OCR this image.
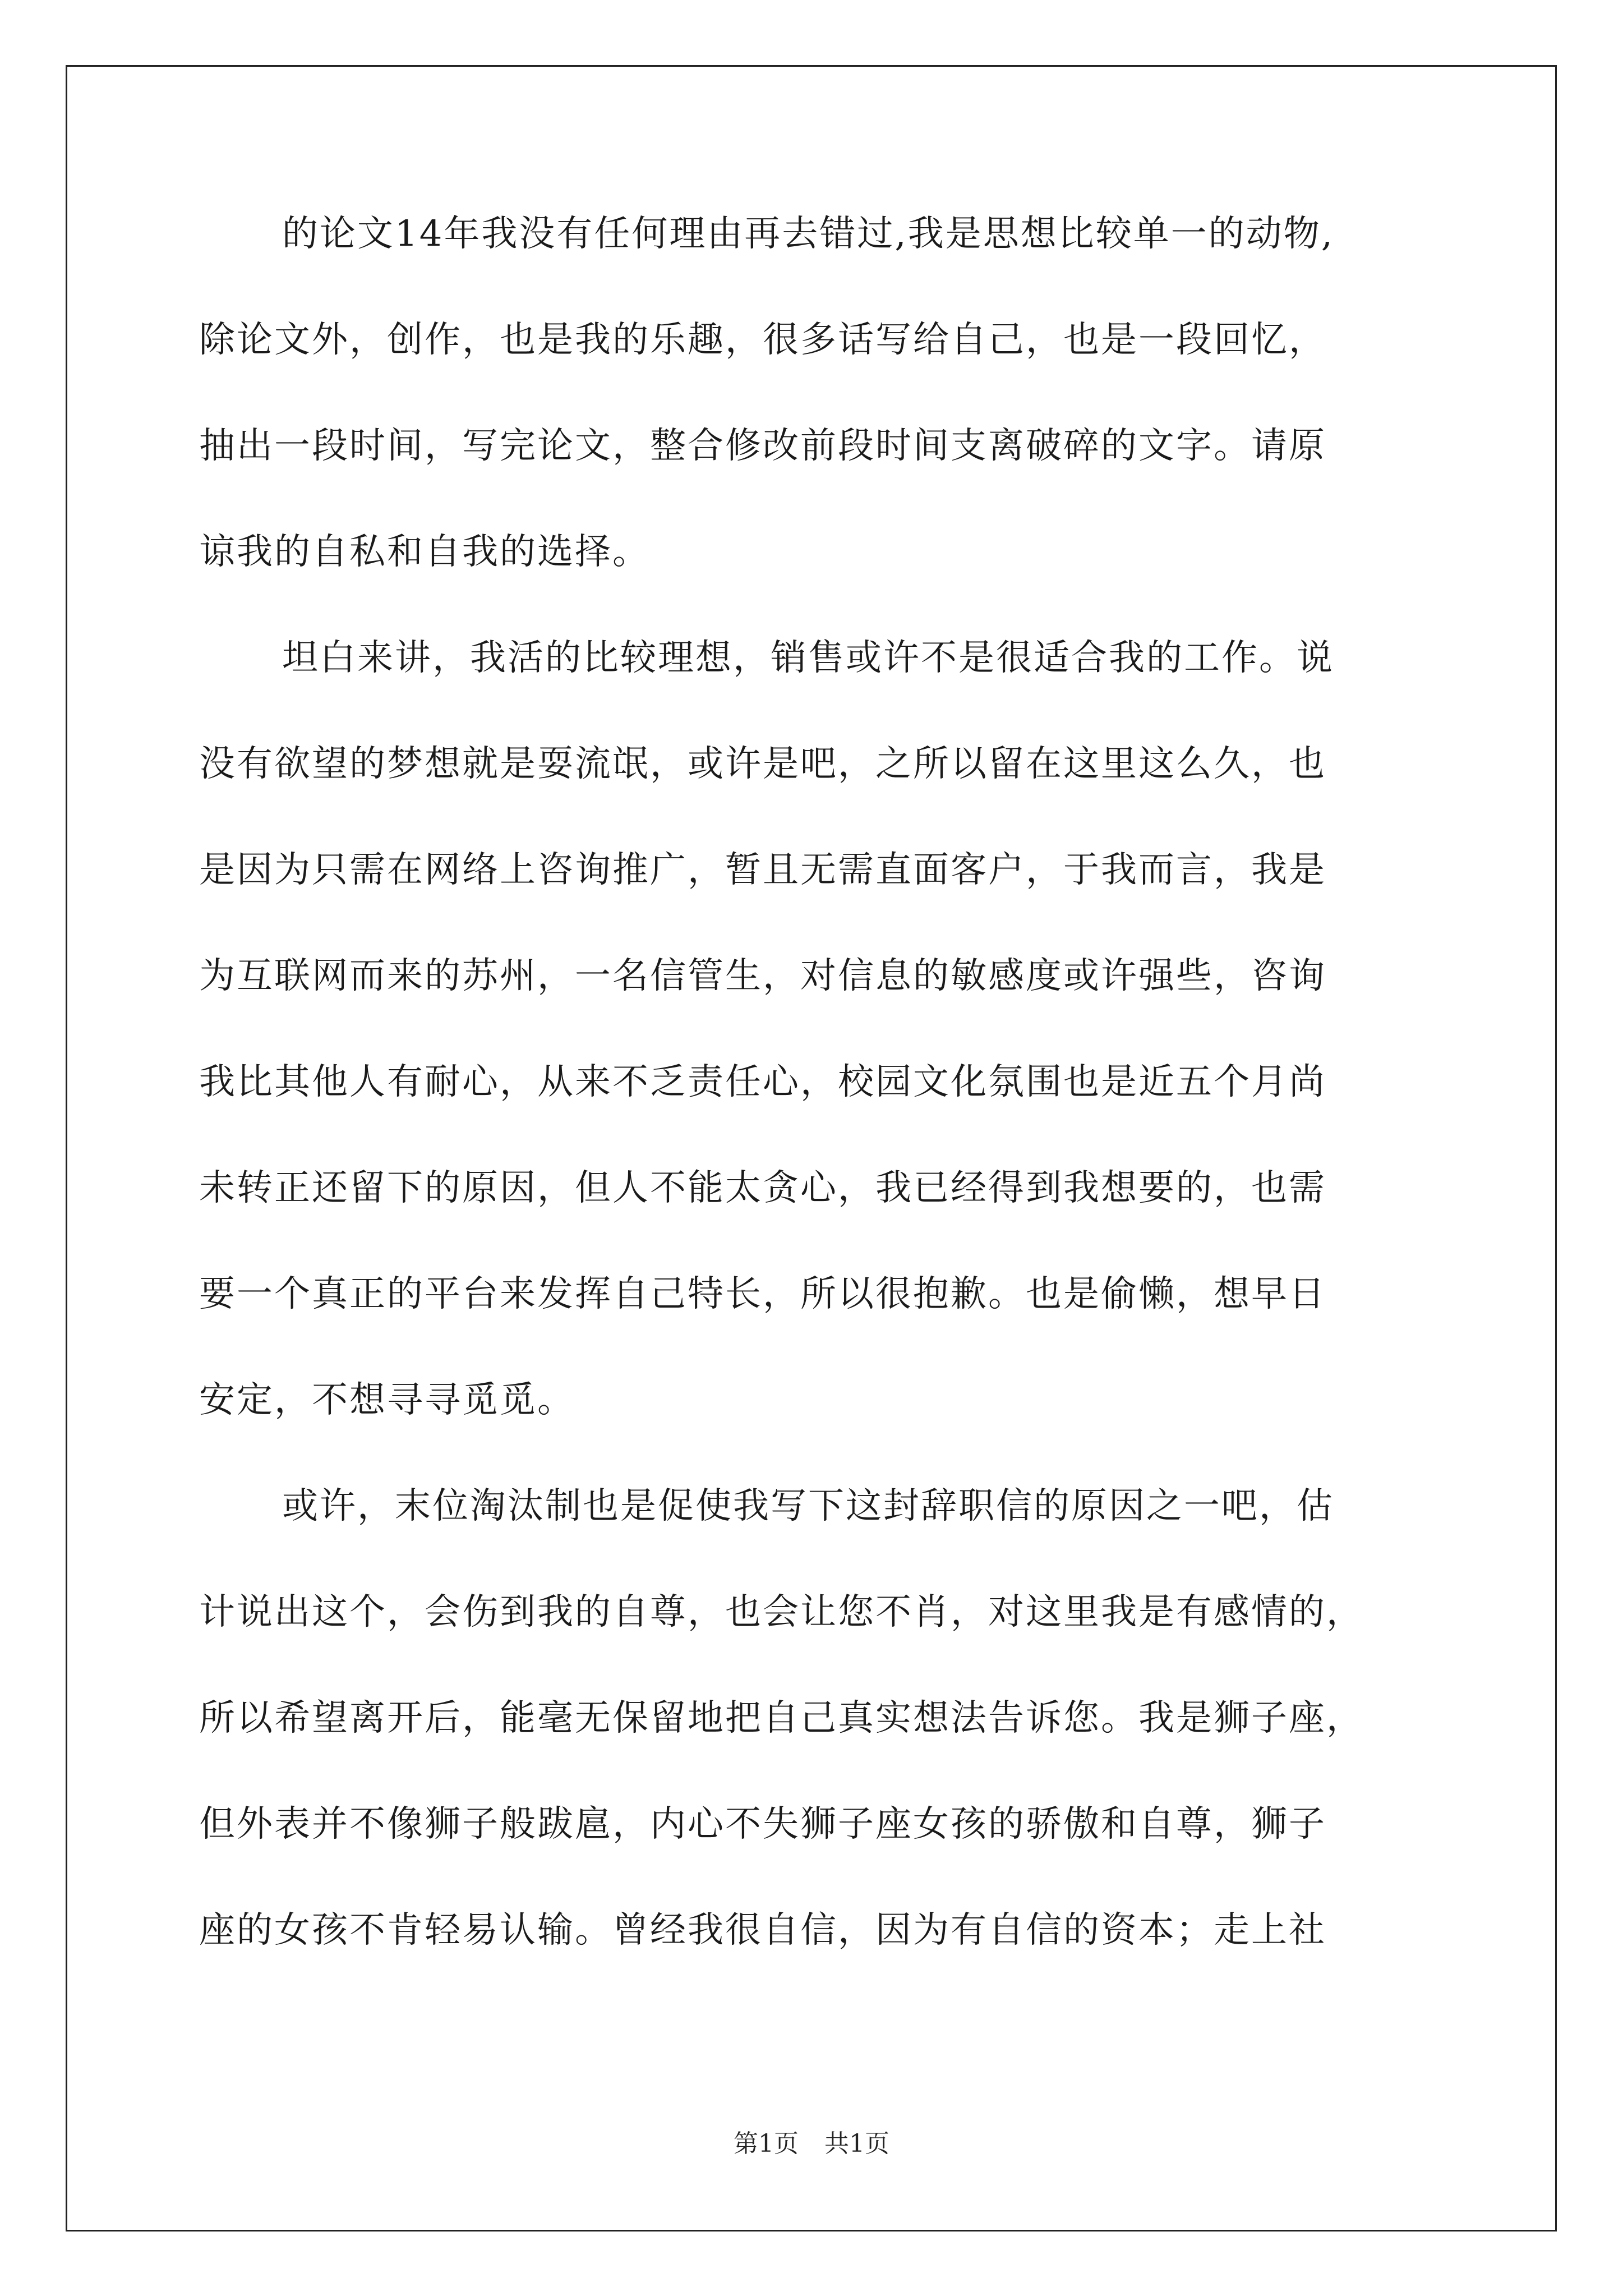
的论文14年我没有任何理由再去错过,我是思想比较单一的动物,
除论文外，创作，也是我的乐趣，很多话写给自己，也是一段回忆，
抽出一段时间，写完论文，整合修改前段时间支离破碎的文字。请原
谅我的自私和自我的选择。
坦白来讲，我活的比较理想，销售或许不是很适合我的工作。说
没有欲望的梦想就是耍流氓，或许是吧，之所以留在这里这么久，也
是因为只需在网络上咨询推广，暂且无需直面客户，于我而言，我是
为互联网而来的苏州，一名信管生，对信息的敏感度或许强些，咨询
我比其他人有耐心，从来不乏责任心，校园文化氛围也是近五个月尚
未转正还留下的原因，但人不能太贪心，我已经得到我想要的，也需
要一个真正的平台来发挥自己特长，所以很抱歉。也是偷懒，想早日
安定，不想寻寻觅觅。
或许，末位淘汰制也是促使我写下这封辞职信的原因之一吧，估
计说出这个，会伤到我的自尊，也会让您不肖，对这里我是有感情的，
所以希望离开后，能毫无保留地把自己真实想法告诉您。我是狮子座，
但外表并不像狮子般跋扈，内心不失狮子座女孩的骄傲和自尊，狮子
座的女孩不肯轻易认输。曾经我很自信，因为有自信的资本；走上社
第1页 共1页
